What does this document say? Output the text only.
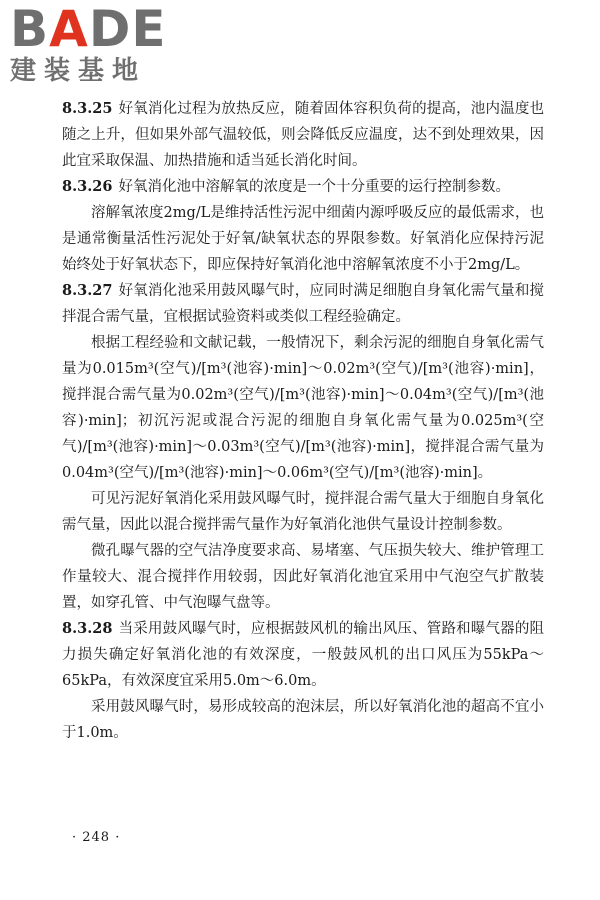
BADE
建装基地

8.3.25 好氧消化过程为放热反应，随着固体容积负荷的提高，池内温度也随之上升，但如果外部气温较低，则会降低反应温度，达不到处理效果，因此宜采取保温、加热措施和适当延长消化时间。

8.3.26 好氧消化池中溶解氧的浓度是一个十分重要的运行控制参数。

溶解氧浓度2mg/L是维持活性污泥中细菌内源呼吸反应的最低需求，也是通常衡量活性污泥处于好氧/缺氧状态的界限参数。好氧消化应保持污泥始终处于好氧状态下，即应保持好氧消化池中溶解氧浓度不小于2mg/L。

8.3.27 好氧消化池采用鼓风曝气时，应同时满足细胞自身氧化需气量和搅拌混合需气量，宜根据试验资料或类似工程经验确定。

根据工程经验和文献记载，一般情况下，剩余污泥的细胞自身氧化需气量为0.015m³(空气)/[m³(池容)·min]～0.02m³(空气)/[m³(池容)·min]，搅拌混合需气量为0.02m³(空气)/[m³(池容)·min]～0.04m³(空气)/[m³(池容)·min]；初沉污泥或混合污泥的细胞自身氧化需气量为0.025m³(空气)/[m³(池容)·min]～0.03m³(空气)/[m³(池容)·min]，搅拌混合需气量为0.04m³(空气)/[m³(池容)·min]～0.06m³(空气)/[m³(池容)·min]。

可见污泥好氧消化采用鼓风曝气时，搅拌混合需气量大于细胞自身氧化需气量，因此以混合搅拌需气量作为好氧消化池供气量设计控制参数。

微孔曝气器的空气洁净度要求高、易堵塞、气压损失较大、维护管理工作量较大、混合搅拌作用较弱，因此好氧消化池宜采用中气泡空气扩散装置，如穿孔管、中气泡曝气盘等。

8.3.28 当采用鼓风曝气时，应根据鼓风机的输出风压、管路和曝气器的阻力损失确定好氧消化池的有效深度，一般鼓风机的出口风压为55kPa～65kPa，有效深度宜采用5.0m～6.0m。

采用鼓风曝气时，易形成较高的泡沫层，所以好氧消化池的超高不宜小于1.0m。

· 248 ·
